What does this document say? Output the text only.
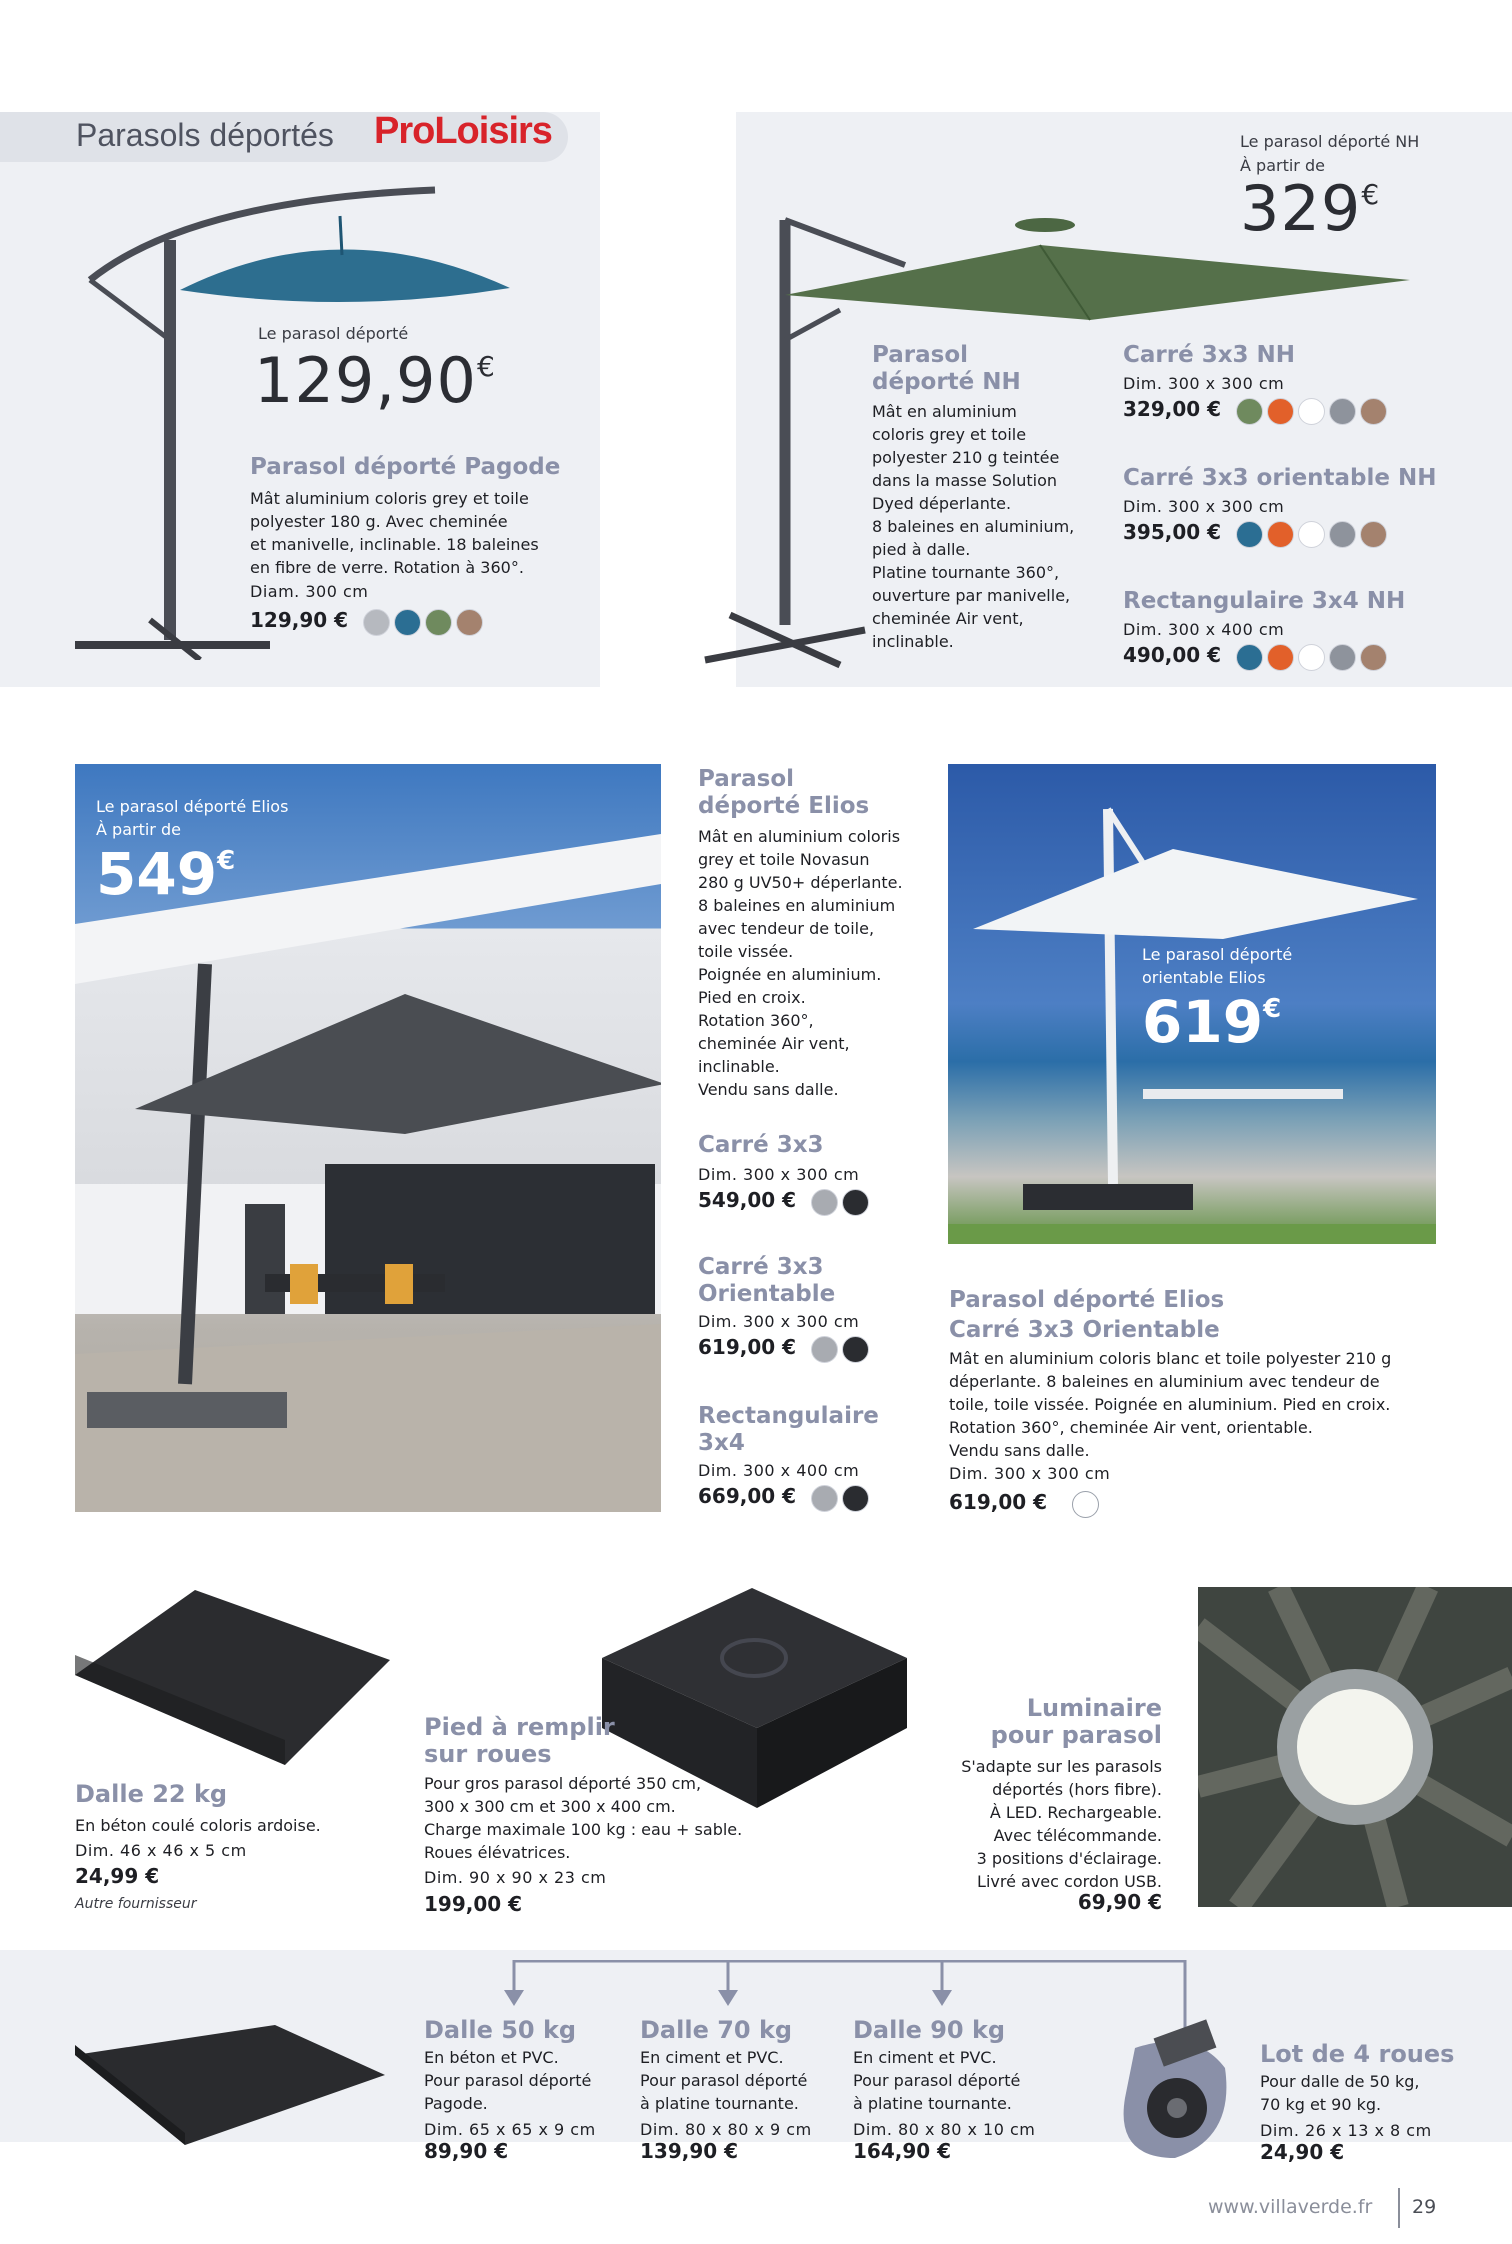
Parasols déportés ProLoisirs
Le parasol déporté
129,90€
Parasol déporté Pagode
Mât aluminium coloris grey et toile
polyester 180 g. Avec cheminée
et manivelle, inclinable. 18 baleines
en fibre de verre. Rotation à 360°.
Diam. 300 cm
129,90 €
Le parasol déporté NH
À partir de
329€
Parasol
déporté NH
Mât en aluminium
coloris grey et toile
polyester 210 g teintée
dans la masse Solution
Dyed déperlante.
8 baleines en aluminium,
pied à dalle.
Platine tournante 360°,
ouverture par manivelle,
cheminée Air vent,
inclinable.
Carré 3x3 NH
Dim. 300 x 300 cm
329,00 €
Carré 3x3 orientable NH
Dim. 300 x 300 cm
395,00 €
Rectangulaire 3x4 NH
Dim. 300 x 400 cm
490,00 €
Le parasol déporté Elios
À partir de
549€
Parasol
déporté Elios
Mât en aluminium coloris
grey et toile Novasun
280 g UV50+ déperlante.
8 baleines en aluminium
avec tendeur de toile,
toile vissée.
Poignée en aluminium.
Pied en croix.
Rotation 360°,
cheminée Air vent,
inclinable.
Vendu sans dalle.
Carré 3x3
Dim. 300 x 300 cm
549,00 €
Carré 3x3
Orientable
Dim. 300 x 300 cm
619,00 €
Rectangulaire
3x4
Dim. 300 x 400 cm
669,00 €
Le parasol déporté
orientable Elios
619€
Parasol déporté Elios
Carré 3x3 Orientable
Mât en aluminium coloris blanc et toile polyester 210 g
déperlante. 8 baleines en aluminium avec tendeur de
toile, toile vissée. Poignée en aluminium. Pied en croix.
Rotation 360°, cheminée Air vent, orientable.
Vendu sans dalle.
Dim. 300 x 300 cm
619,00 €
Dalle 22 kg
En béton coulé coloris ardoise.
Dim. 46 x 46 x 5 cm
24,99 €
Autre fournisseur
Pied à remplir
sur roues
Pour gros parasol déporté 350 cm,
300 x 300 cm et 300 x 400 cm.
Charge maximale 100 kg : eau + sable.
Roues élévatrices.
Dim. 90 x 90 x 23 cm
199,00 €
Luminaire
pour parasol
S'adapte sur les parasols
déportés (hors fibre).
À LED. Rechargeable.
Avec télécommande.
3 positions d'éclairage.
Livré avec cordon USB.
69,90 €
Dalle 50 kg
En béton et PVC.
Pour parasol déporté
Pagode.
Dim. 65 x 65 x 9 cm
89,90 €
Dalle 70 kg
En ciment et PVC.
Pour parasol déporté
à platine tournante.
Dim. 80 x 80 x 9 cm
139,90 €
Dalle 90 kg
En ciment et PVC.
Pour parasol déporté
à platine tournante.
Dim. 80 x 80 x 10 cm
164,90 €
Lot de 4 roues
Pour dalle de 50 kg,
70 kg et 90 kg.
Dim. 26 x 13 x 8 cm
24,90 €
www.villaverde.fr 29
